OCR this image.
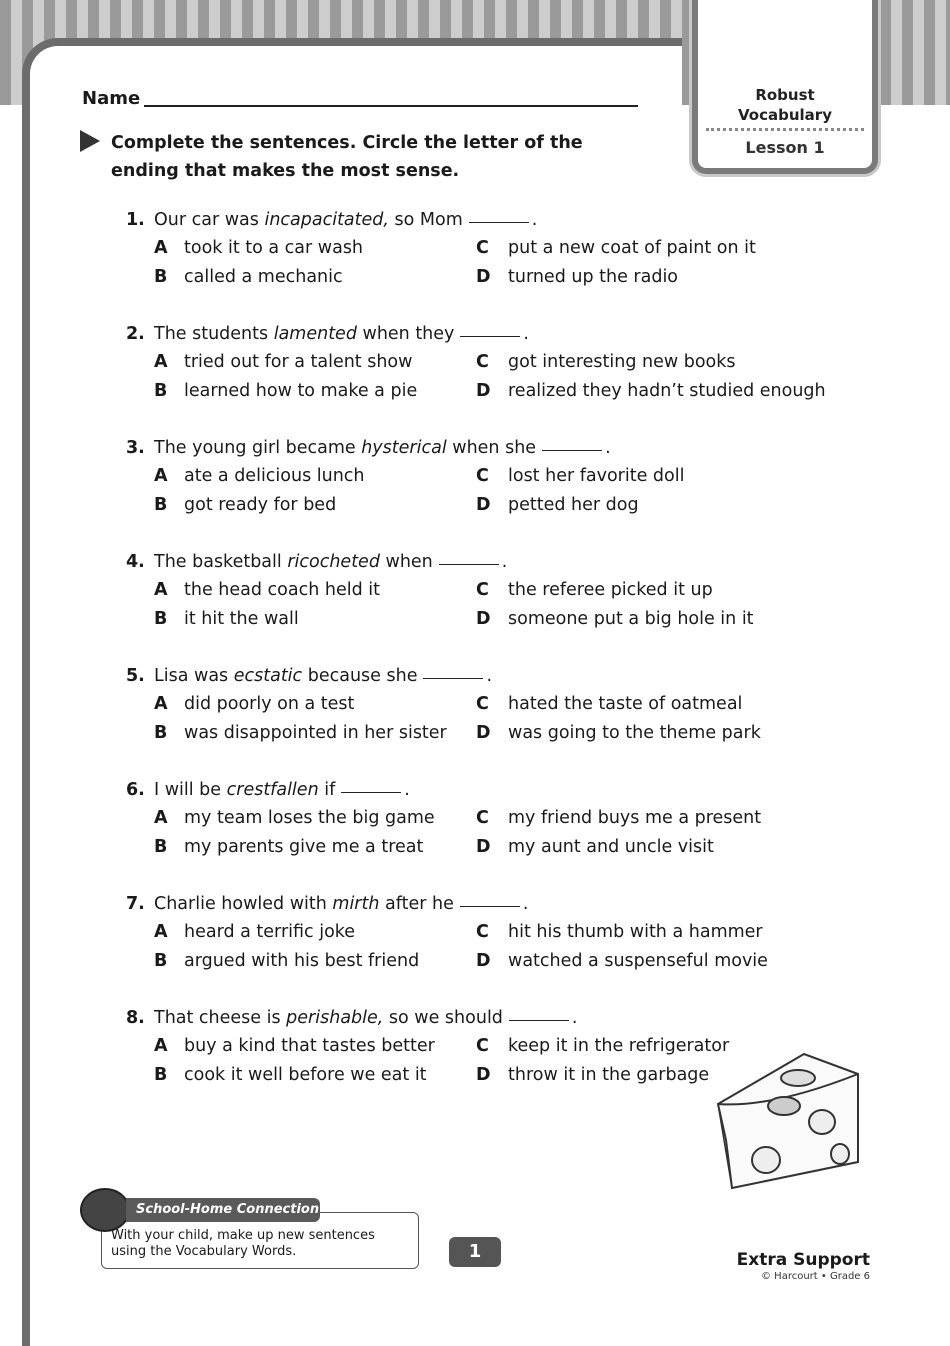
Robust
Vocabulary
Lesson 1
Name
Complete the sentences. Circle the letter of the ending that makes the most sense.
1. Our car was incapacitated, so Mom	.
A took it to a car wash
B called a mechanic
C put a new coat of paint on it
D turned up the radio
2. The students lamented when they	.
A tried out for a talent show
B learned how to make a pie
C got interesting new books
D realized they hadn’t studied enough
3. The young girl became hysterical when she	.
A ate a delicious lunch
B got ready for bed
C lost her favorite doll
D petted her dog
4. The basketball ricocheted when	.
A the head coach held it
B it hit the wall
C the referee picked it up
D someone put a big hole in it
5. Lisa was ecstatic because she	.
A did poorly on a test
B was disappointed in her sister
C hated the taste of oatmeal
D was going to the theme park
6. I will be crestfallen if	.
A my team loses the big game
B my parents give me a treat
C my friend buys me a present
D my aunt and uncle visit
7. Charlie howled with mirth after he	.
A heard a terrific joke
B argued with his best friend
C hit his thumb with a hammer
D watched a suspenseful movie
8. That cheese is perishable, so we should	.
A buy a kind that tastes better
B cook it well before we eat it
C keep it in the refrigerator
D throw it in the garbage
School-Home Connection
With your child, make up new sentences using the Vocabulary Words.	1	Extra Support
© Harcourt • Grade 6
